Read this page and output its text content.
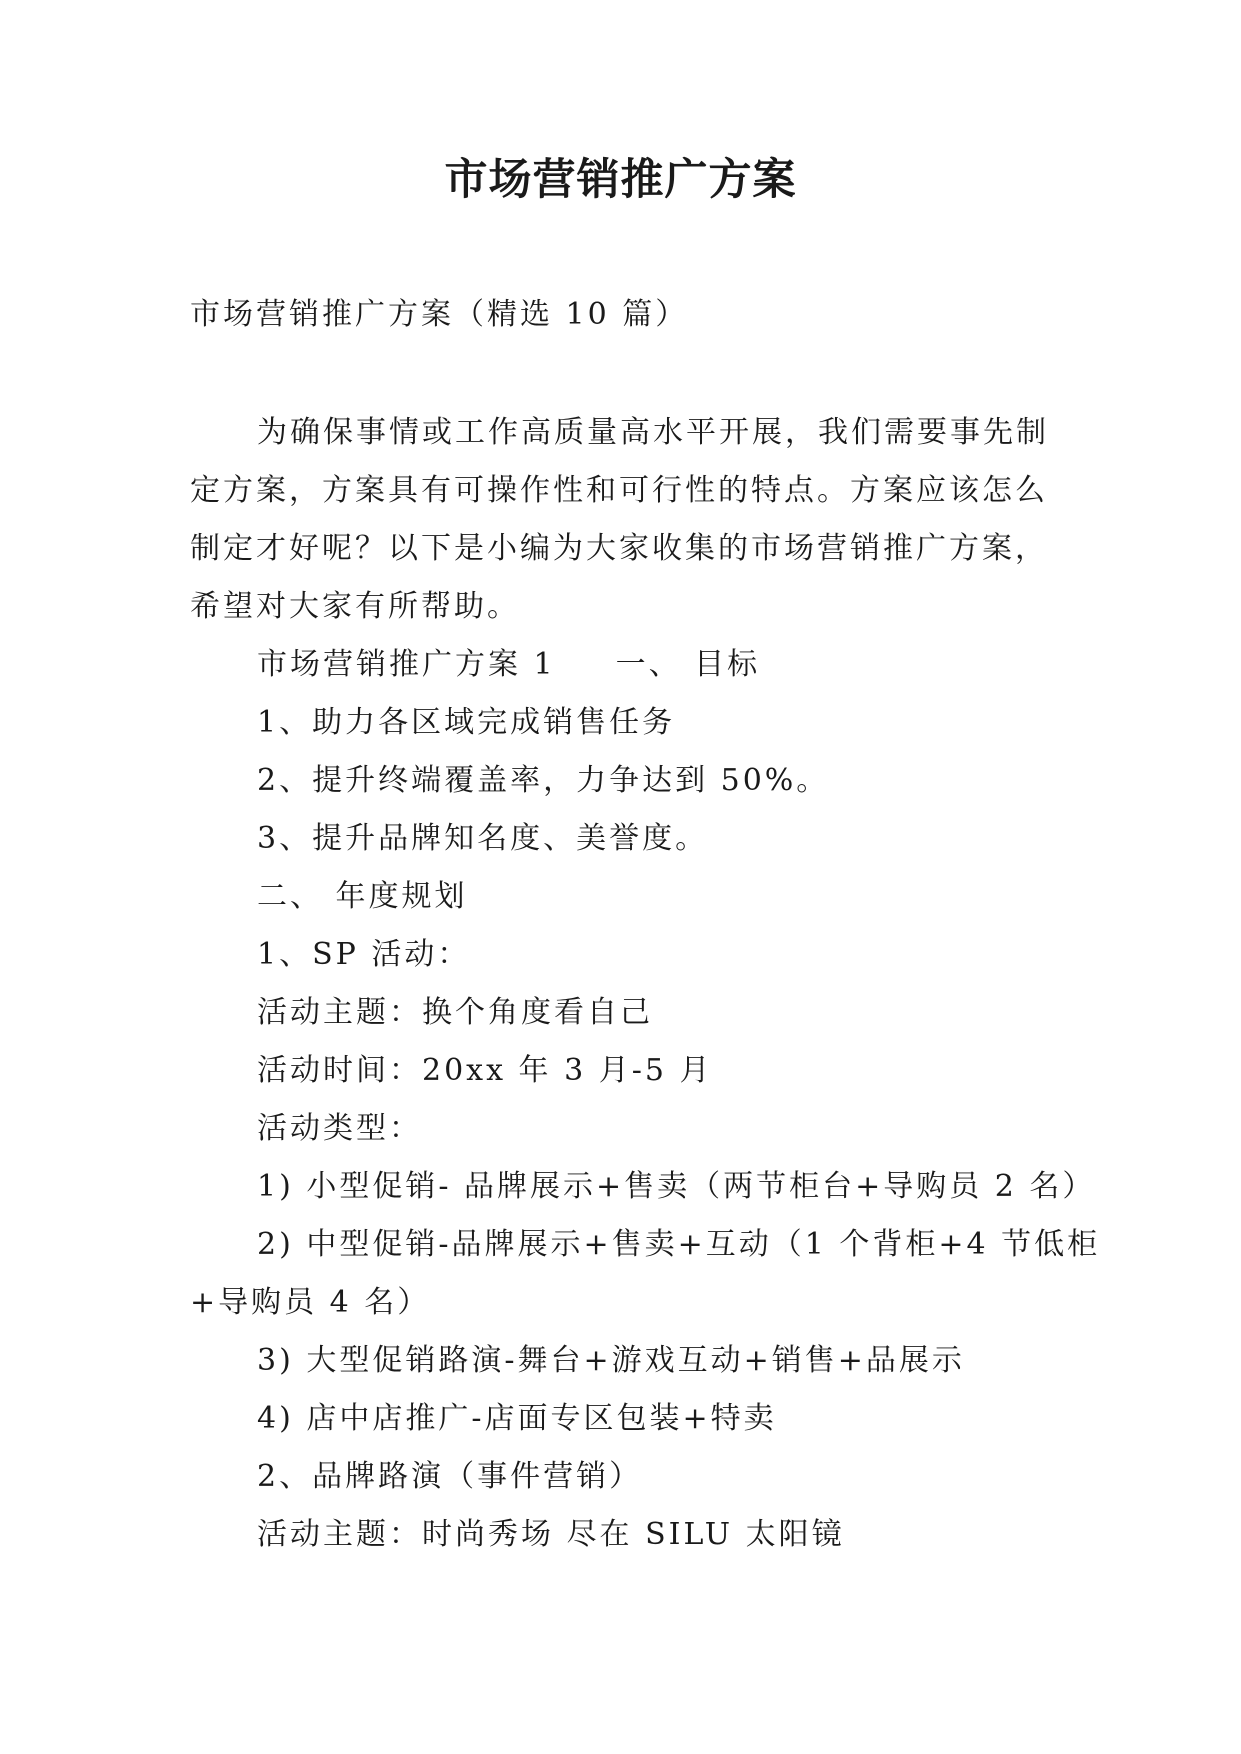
市场营销推广方案

市场营销推广方案（精选 10 篇）

为确保事情或工作高质量高水平开展，我们需要事先制定方案，方案具有可操作性和可行性的特点。方案应该怎么制定才好呢？以下是小编为大家收集的市场营销推广方案，希望对大家有所帮助。

市场营销推广方案 1 一、 目标

1、助力各区域完成销售任务

2、提升终端覆盖率，力争达到 50%。

3、提升品牌知名度、美誉度。

二、 年度规划

1、SP 活动：

活动主题：换个角度看自己

活动时间：20xx 年 3 月-5 月

活动类型：

1) 小型促销- 品牌展示+售卖（两节柜台+导购员 2 名）

2) 中型促销-品牌展示+售卖+互动（1 个背柜+4 节低柜

+导购员 4 名）

3) 大型促销路演-舞台+游戏互动+销售+品展示

4) 店中店推广-店面专区包装+特卖

2、品牌路演（事件营销）

活动主题：时尚秀场 尽在 SILU 太阳镜
